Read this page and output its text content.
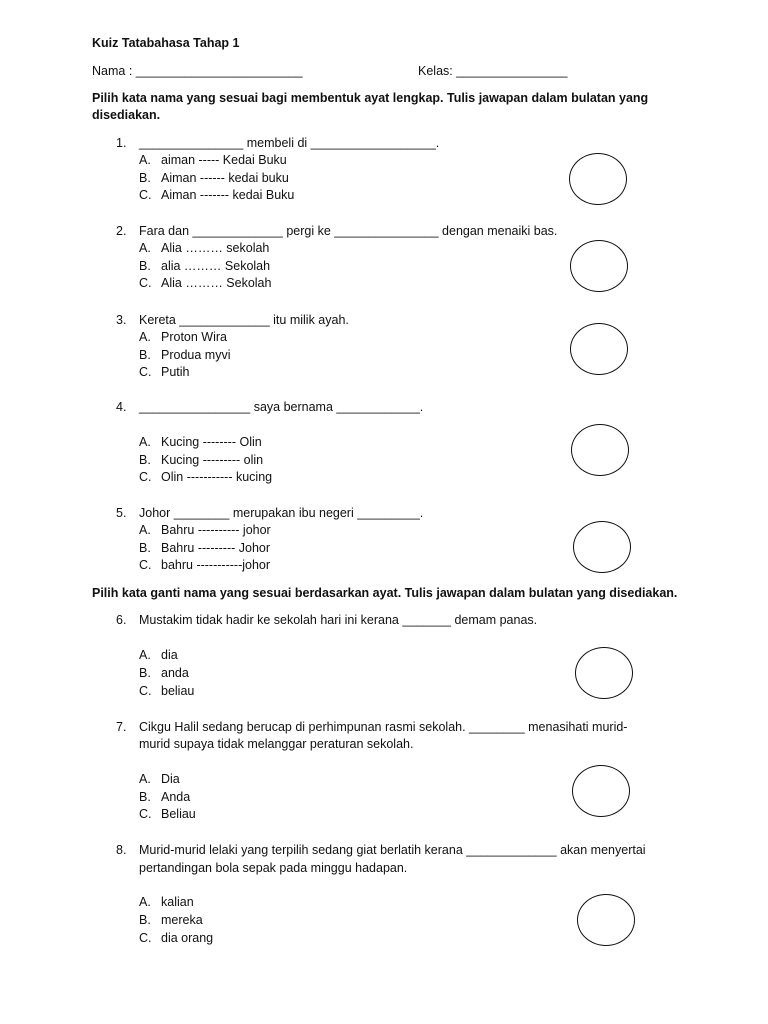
Kuiz Tatabahasa Tahap 1
Nama : ________________________	Kelas: ________________
Pilih kata nama yang sesuai bagi membentuk ayat lengkap. Tulis jawapan dalam bulatan yang
disediakan.
1. _______________ membeli di __________________.
A. aiman ----- Kedai Buku
B. Aiman ------ kedai buku
C. Aiman ------- kedai Buku
2. Fara dan _____________ pergi ke _______________ dengan menaiki bas.
A. Alia ……… sekolah
B. alia ……… Sekolah
C. Alia ……… Sekolah
3. Kereta _____________ itu milik ayah.
A. Proton Wira
B. Produa myvi
C. Putih
4. ________________ saya bernama ____________.
A. Kucing -------- Olin
B. Kucing --------- olin
C. Olin ----------- kucing
5. Johor ________ merupakan ibu negeri _________.
A. Bahru ---------- johor
B. Bahru --------- Johor
C. bahru -----------johor
Pilih kata ganti nama yang sesuai berdasarkan ayat. Tulis jawapan dalam bulatan yang disediakan.
6. Mustakim tidak hadir ke sekolah hari ini kerana _______ demam panas.
A. dia
B. anda
C. beliau
7. Cikgu Halil sedang berucap di perhimpunan rasmi sekolah. ________ menasihati murid-
murid supaya tidak melanggar peraturan sekolah.
A. Dia
B. Anda
C. Beliau
8. Murid-murid lelaki yang terpilih sedang giat berlatih kerana _____________ akan menyertai
pertandingan bola sepak pada minggu hadapan.
A. kalian
B. mereka
C. dia orang
